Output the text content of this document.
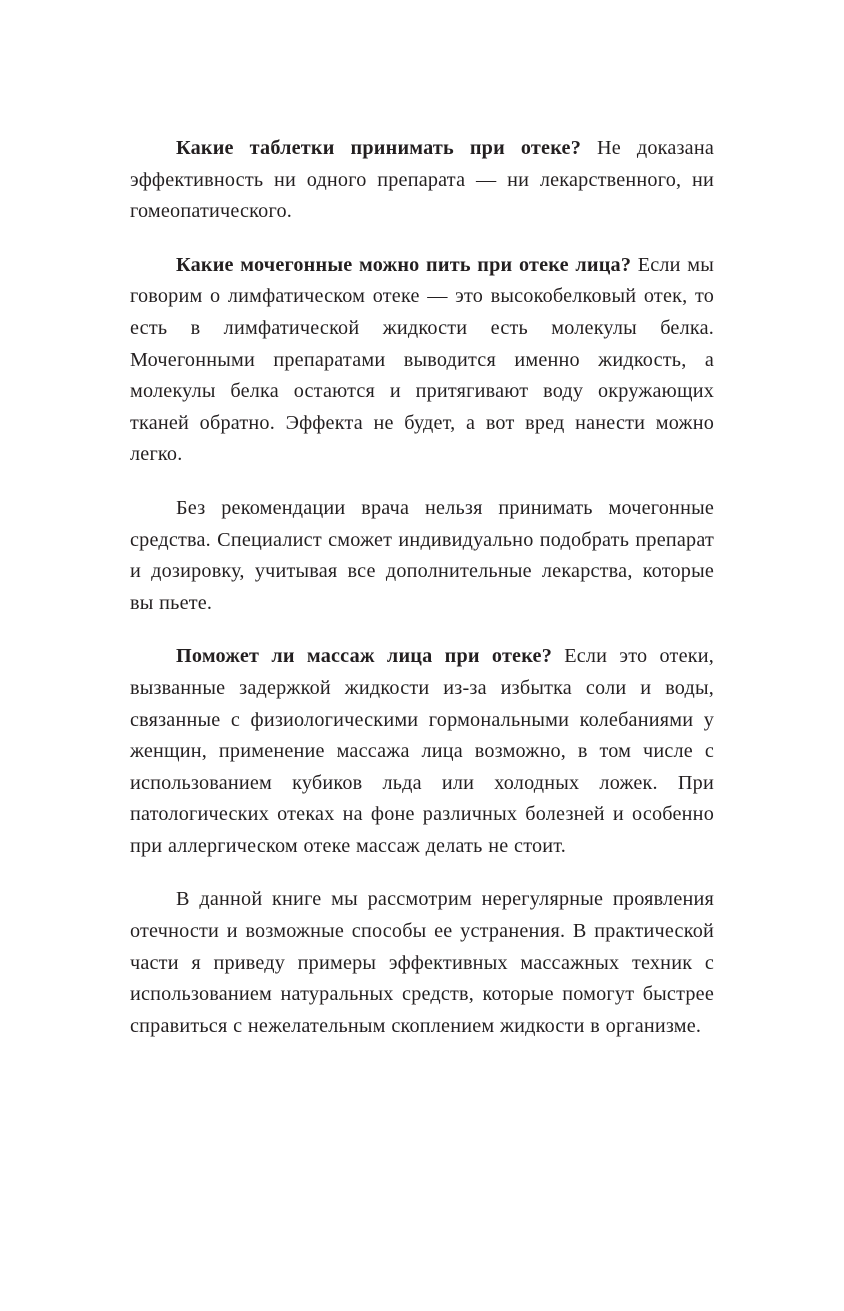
Какие таблетки принимать при отеке? Не доказана эффективность ни одного препарата — ни лекарственного, ни гомеопатического.

Какие мочегонные можно пить при отеке лица? Если мы говорим о лимфатическом отеке — это высокобелковый отек, то есть в лимфатической жидкости есть молекулы белка. Мочегонными препаратами выводится именно жидкость, а молекулы белка остаются и притягивают воду окружающих тканей обратно. Эффекта не будет, а вот вред нанести можно легко.

Без рекомендации врача нельзя принимать мочегонные средства. Специалист сможет индивидуально подобрать препарат и дозировку, учитывая все дополнительные лекарства, которые вы пьете.

Поможет ли массаж лица при отеке? Если это отеки, вызванные задержкой жидкости из-за избытка соли и воды, связанные с физиологическими гормональными колебаниями у женщин, применение массажа лица возможно, в том числе с использованием кубиков льда или холодных ложек. При патологических отеках на фоне различных болезней и особенно при аллергическом отеке массаж делать не стоит.

В данной книге мы рассмотрим нерегулярные проявления отечности и возможные способы ее устранения. В практической части я приведу примеры эффективных массажных техник с использованием натуральных средств, которые помогут быстрее справиться с нежелательным скоплением жидкости в организме.
